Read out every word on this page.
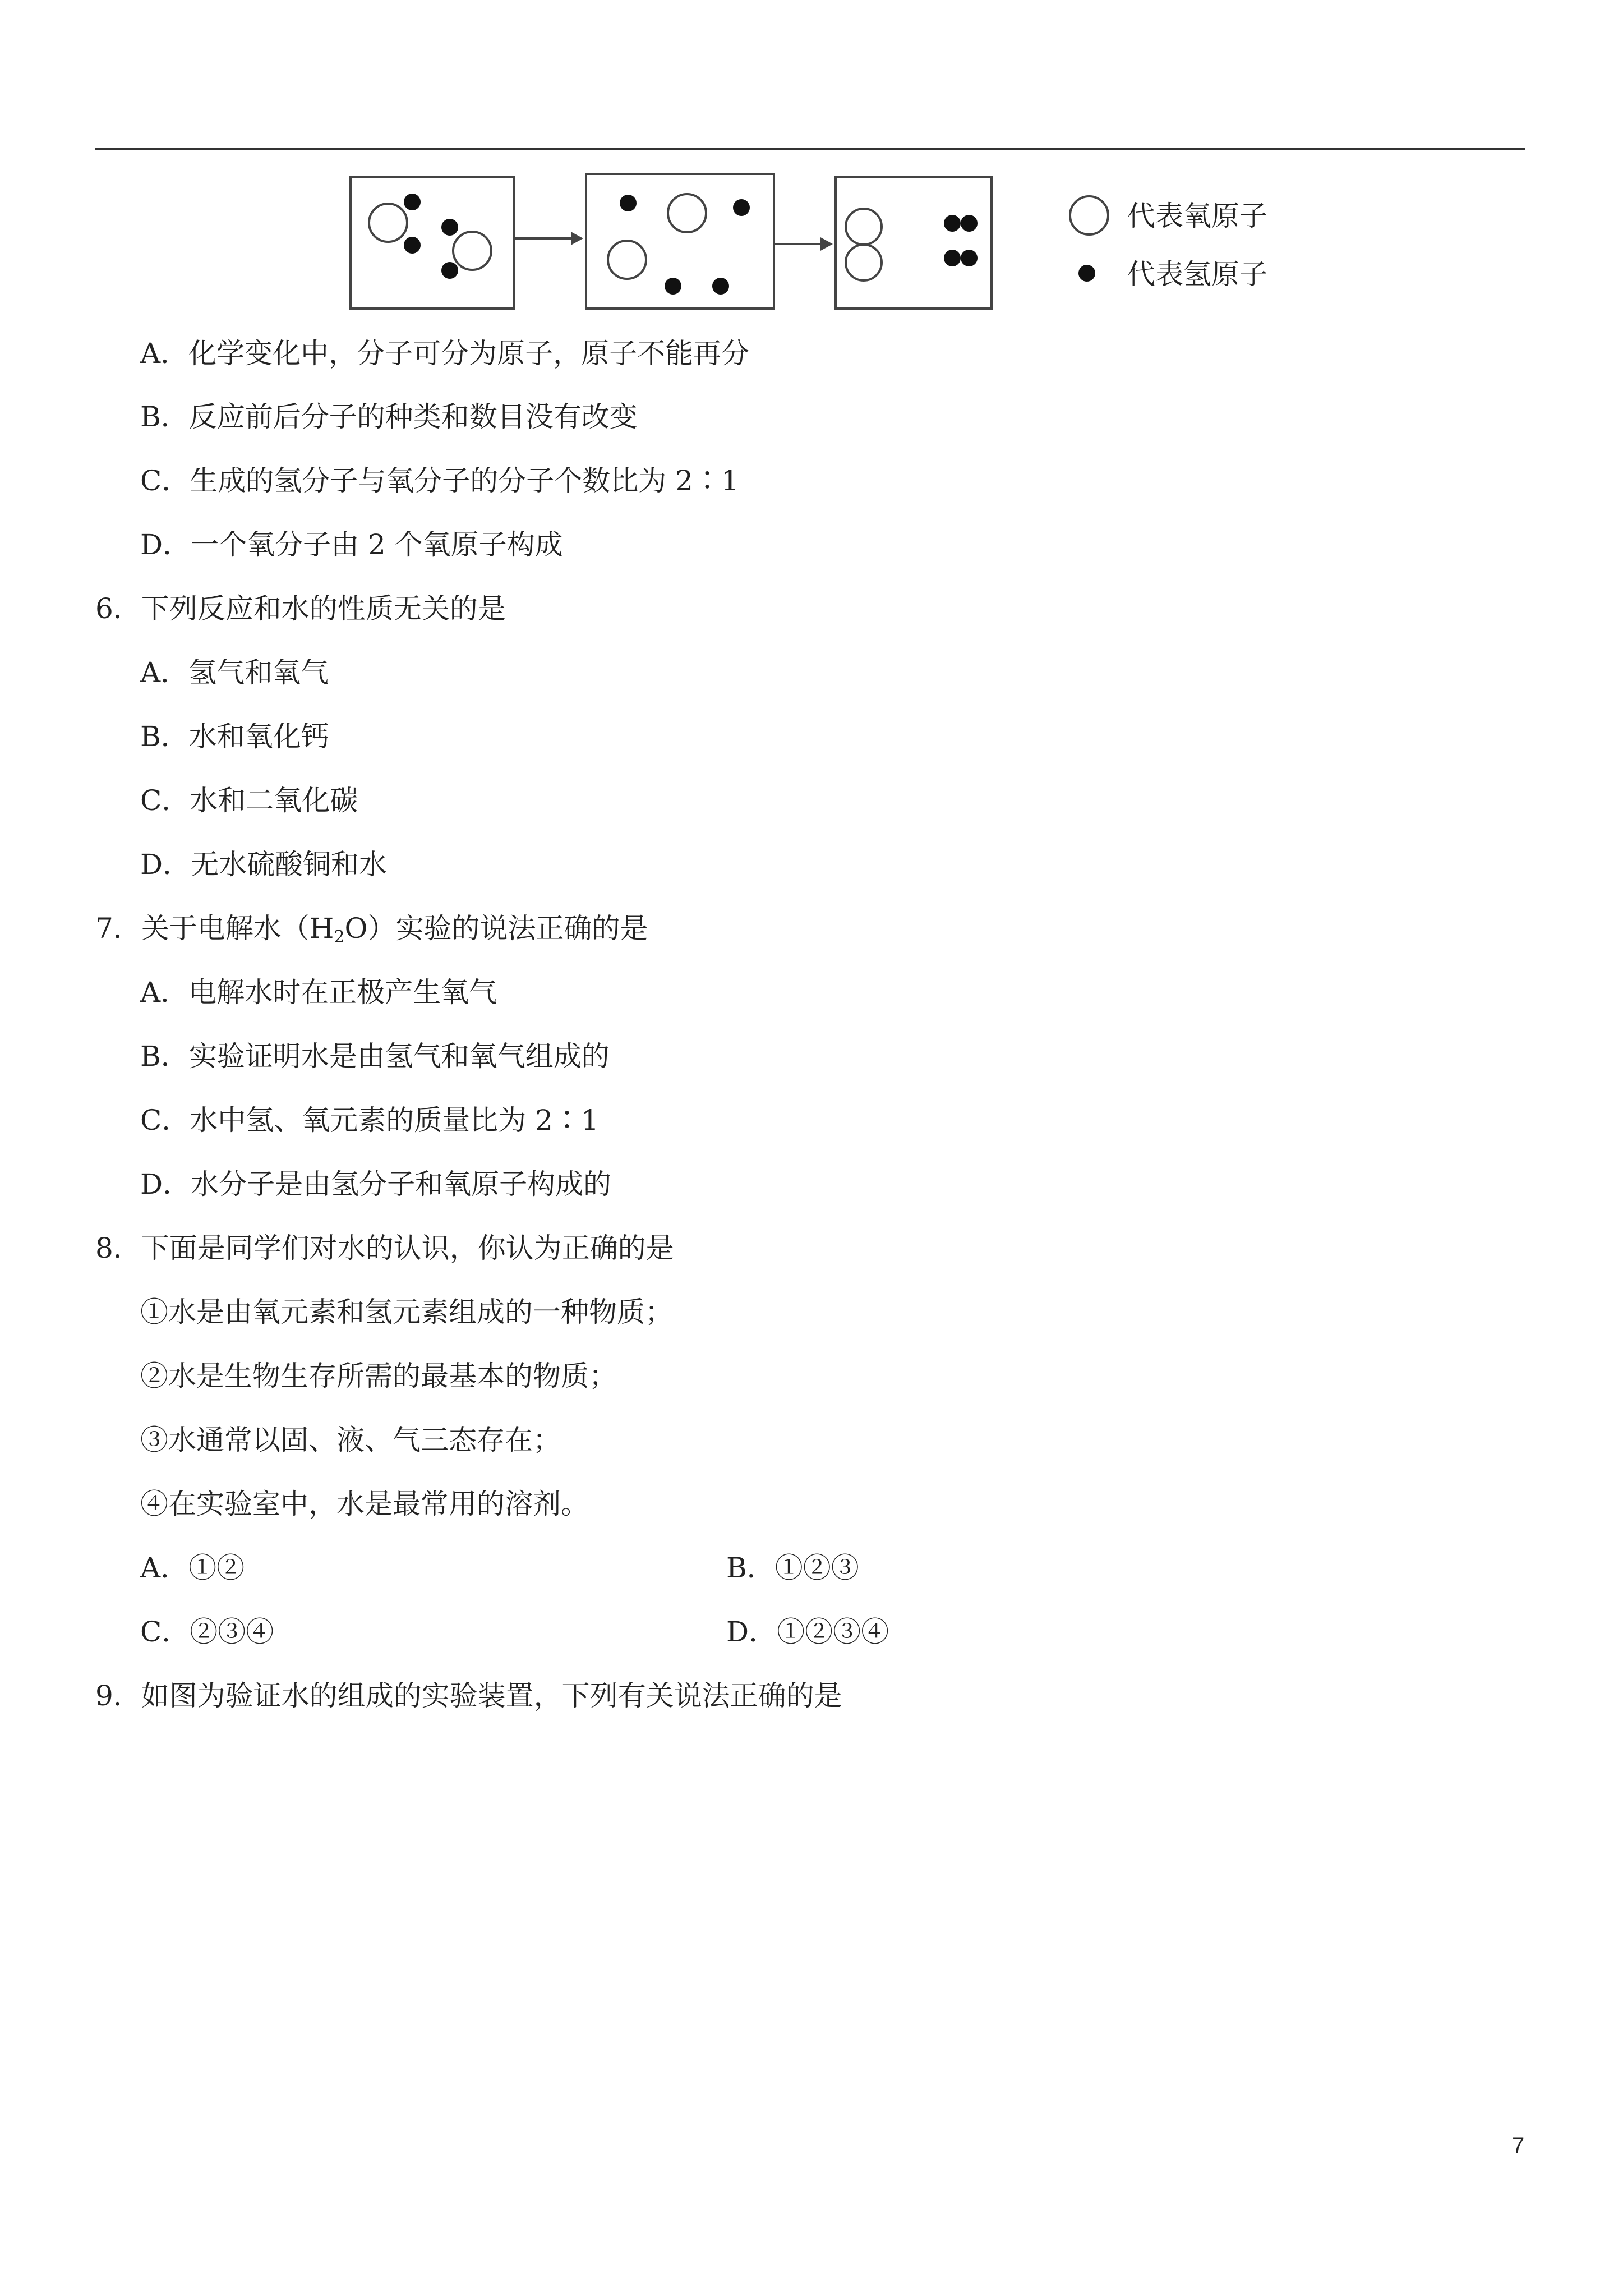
代表氧原子
代表氢原子
A．化学变化中，分子可分为原子，原子不能再分
B．反应前后分子的种类和数目没有改变
C．生成的氢分子与氧分子的分子个数比为 2∶1
D．一个氧分子由 2 个氧原子构成
6．下列反应和水的性质无关的是
A．氢气和氧气
B．水和氧化钙
C．水和二氧化碳
D．无水硫酸铜和水
7．关于电解水$(H_2O)$实验的说法正确的是
A．电解水时在正极产生氧气
B．实验证明水是由氢气和氧气组成的
C．水中氢、氧元素的质量比为 2∶1
D．水分子是由氢分子和氧原子构成的
8．下面是同学们对水的认识，你认为正确的是
①水是由氧元素和氢元素组成的一种物质；
②水是生物生存所需的最基本的物质；
③水通常以固、液、气三态存在；
④在实验室中，水是最常用的溶剂。
A．①②	B．①②③
C．②③④	D．①②③④
9．如图为验证水的组成的实验装置，下列有关说法正确的是
7
